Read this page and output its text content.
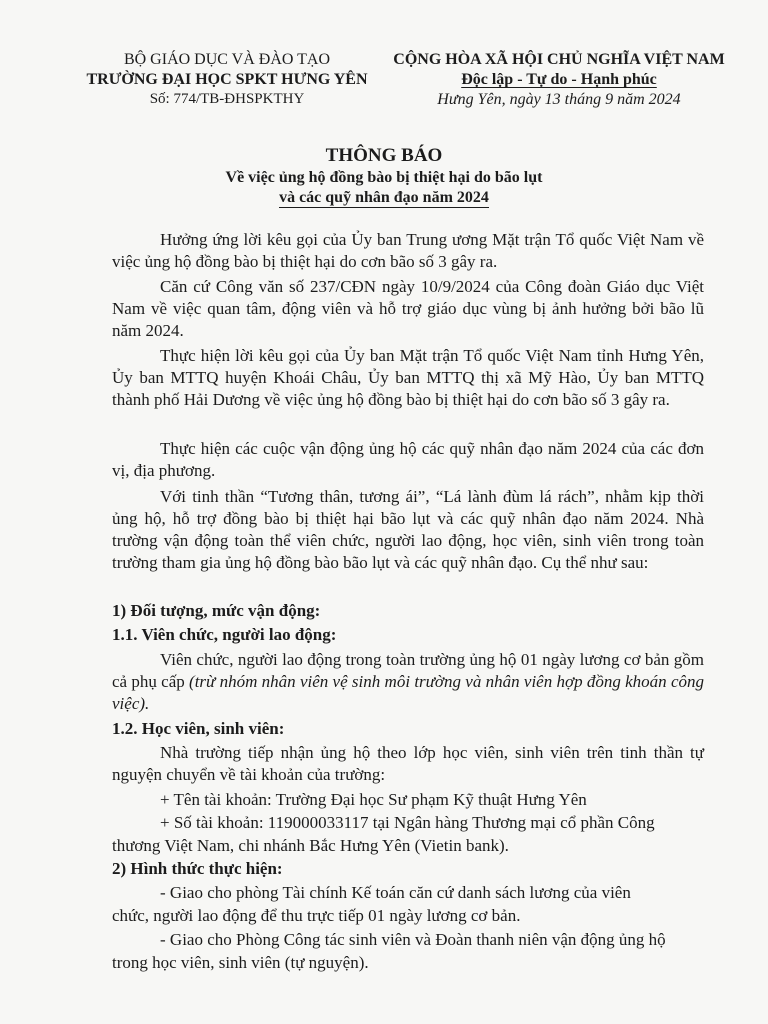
BỘ GIÁO DỤC VÀ ĐÀO TẠO
TRƯỜNG ĐẠI HỌC SPKT HƯNG YÊN
Số: 774/TB-ĐHSPKTHY
CỘNG HÒA XÃ HỘI CHỦ NGHĨA VIỆT NAM
Độc lập - Tự do - Hạnh phúc
Hưng Yên, ngày 13 tháng 9 năm 2024
THÔNG BÁO
Về việc ủng hộ đồng bào bị thiệt hại do bão lụt
và các quỹ nhân đạo năm 2024
Hưởng ứng lời kêu gọi của Ủy ban Trung ương Mặt trận Tổ quốc Việt Nam về việc ủng hộ đồng bào bị thiệt hại do cơn bão số 3 gây ra.
Căn cứ Công văn số 237/CĐN ngày 10/9/2024 của Công đoàn Giáo dục Việt Nam về việc quan tâm, động viên và hỗ trợ giáo dục vùng bị ảnh hưởng bởi bão lũ năm 2024.
Thực hiện lời kêu gọi của Ủy ban Mặt trận Tổ quốc Việt Nam tỉnh Hưng Yên, Ủy ban MTTQ huyện Khoái Châu, Ủy ban MTTQ thị xã Mỹ Hào, Ủy ban MTTQ thành phố Hải Dương về việc ủng hộ đồng bào bị thiệt hại do cơn bão số 3 gây ra.
Thực hiện các cuộc vận động ủng hộ các quỹ nhân đạo năm 2024 của các đơn vị, địa phương.
Với tinh thần “Tương thân, tương ái”, “Lá lành đùm lá rách”, nhằm kịp thời ủng hộ, hỗ trợ đồng bào bị thiệt hại bão lụt và các quỹ nhân đạo năm 2024. Nhà trường vận động toàn thể viên chức, người lao động, học viên, sinh viên trong toàn trường tham gia ủng hộ đồng bào bão lụt và các quỹ nhân đạo. Cụ thể như sau:
1) Đối tượng, mức vận động:
1.1. Viên chức, người lao động:
Viên chức, người lao động trong toàn trường ủng hộ 01 ngày lương cơ bản gồm cả phụ cấp (trừ nhóm nhân viên vệ sinh môi trường và nhân viên hợp đồng khoán công việc).
1.2. Học viên, sinh viên:
Nhà trường tiếp nhận ủng hộ theo lớp học viên, sinh viên trên tinh thần tự nguyện chuyển về tài khoản của trường:
+ Tên tài khoản: Trường Đại học Sư phạm Kỹ thuật Hưng Yên
+ Số tài khoản: 119000033117 tại Ngân hàng Thương mại cổ phần Công
thương Việt Nam, chi nhánh Bắc Hưng Yên (Vietin bank).
2) Hình thức thực hiện:
- Giao cho phòng Tài chính Kế toán căn cứ danh sách lương của viên
chức, người lao động để thu trực tiếp 01 ngày lương cơ bản.
- Giao cho Phòng Công tác sinh viên và Đoàn thanh niên vận động ủng hộ
trong học viên, sinh viên (tự nguyện).
